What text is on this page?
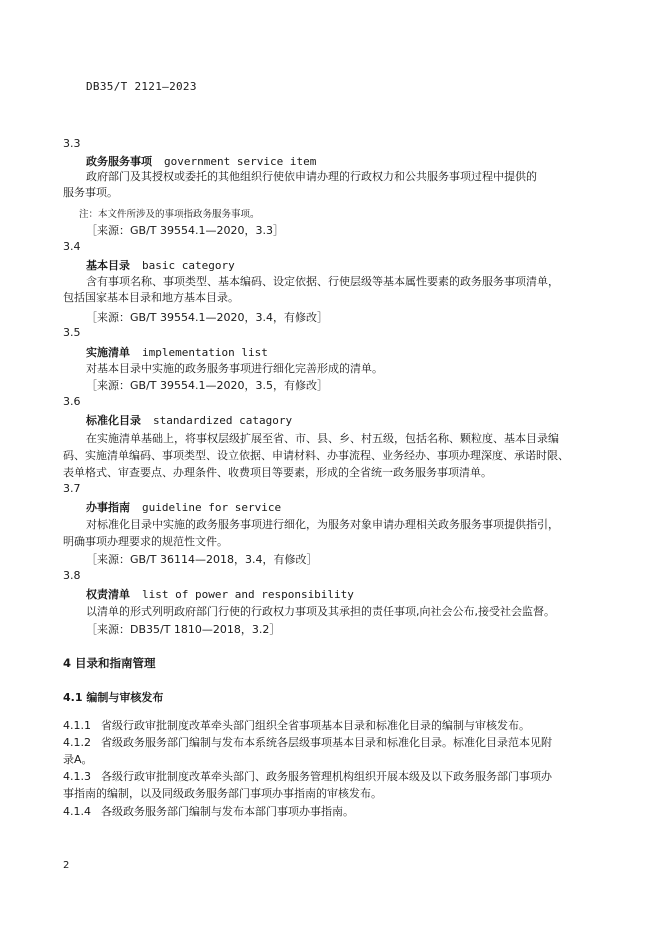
DB35/T 2121—2023
3.3
政务服务事项 government service item
政府部门及其授权或委托的其他组织行使依申请办理的行政权力和公共服务事项过程中提供的
服务事项。
注：本文件所涉及的事项指政务服务事项。
［来源：GB/T 39554.1—2020，3.3］
3.4
基本目录 basic category
含有事项名称、事项类型、基本编码、设定依据、行使层级等基本属性要素的政务服务事项清单，
包括国家基本目录和地方基本目录。
［来源：GB/T 39554.1—2020，3.4，有修改］
3.5
实施清单 implementation list
对基本目录中实施的政务服务事项进行细化完善形成的清单。
［来源：GB/T 39554.1—2020，3.5，有修改］
3.6
标准化目录 standardized catagory
在实施清单基础上，将事权层级扩展至省、市、县、乡、村五级，包括名称、颗粒度、基本目录编
码、实施清单编码、事项类型、设立依据、申请材料、办事流程、业务经办、事项办理深度、承诺时限、
表单格式、审查要点、办理条件、收费项目等要素，形成的全省统一政务服务事项清单。
3.7
办事指南 guideline for service
对标准化目录中实施的政务服务事项进行细化，为服务对象申请办理相关政务服务事项提供指引，
明确事项办理要求的规范性文件。
［来源：GB/T 36114—2018，3.4，有修改］
3.8
权责清单 list of power and responsibility
以清单的形式列明政府部门行使的行政权力事项及其承担的责任事项,向社会公布,接受社会监督。
［来源：DB35/T 1810—2018，3.2］
4 目录和指南管理
4.1 编制与审核发布
4.1.1 省级行政审批制度改革牵头部门组织全省事项基本目录和标准化目录的编制与审核发布。
4.1.2 省级政务服务部门编制与发布本系统各层级事项基本目录和标准化目录。标准化目录范本见附
录A。
4.1.3 各级行政审批制度改革牵头部门、政务服务管理机构组织开展本级及以下政务服务部门事项办
事指南的编制，以及同级政务服务部门事项办事指南的审核发布。
4.1.4 各级政务服务部门编制与发布本部门事项办事指南。
2
